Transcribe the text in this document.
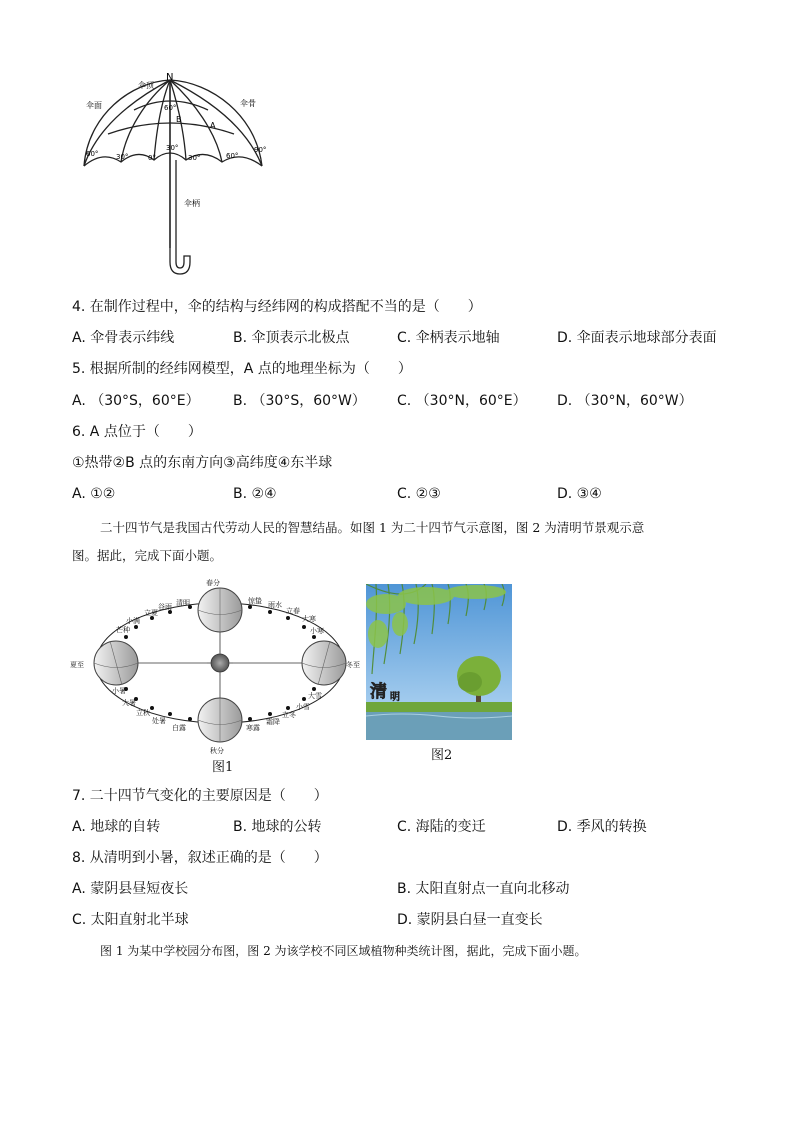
N
伞顶
伞面	伞骨
60°
B
A
60°	30°	0°
30°
30°	60°
90°
伞柄
4. 在制作过程中，伞的结构与经纬网的构成搭配不当的是（　　）
A. 伞骨表示纬线	B. 伞顶表示北极点	C. 伞柄表示地轴	D. 伞面表示地球部分表面
5. 根据所制的经纬网模型，A 点的地理坐标为（　　）
A. （30°S，60°E） B. （30°S，60°W） C. （30°N，60°E） D. （30°N，60°W）
6. A 点位于（　　）
①热带②B 点的东南方向③高纬度④东半球
A. ①②	B. ②④	C. ②③	D. ③④
二十四节气是我国古代劳动人民的智慧结晶。如图 1 为二十四节气示意图，图 2 为清明节景观示意
图。据此，完成下面小题。
春分
清明
谷雨
立夏
小满
芒种
夏至
小暑
大暑
立秋
处暑
白露
秋分
寒露
霜降
立冬
小雪
大雪
冬至
小寒
大寒
立春
雨水
惊蛰
图1
清 明
图2
7. 二十四节气变化的主要原因是（　　）
A. 地球的自转	B. 地球的公转	C. 海陆的变迁	D. 季风的转换
8. 从清明到小暑，叙述正确的是（　　）
A. 蒙阴县昼短夜长	B. 太阳直射点一直向北移动
C. 太阳直射北半球	D. 蒙阴县白昼一直变长
图 1 为某中学校园分布图，图 2 为该学校不同区域植物种类统计图，据此，完成下面小题。
